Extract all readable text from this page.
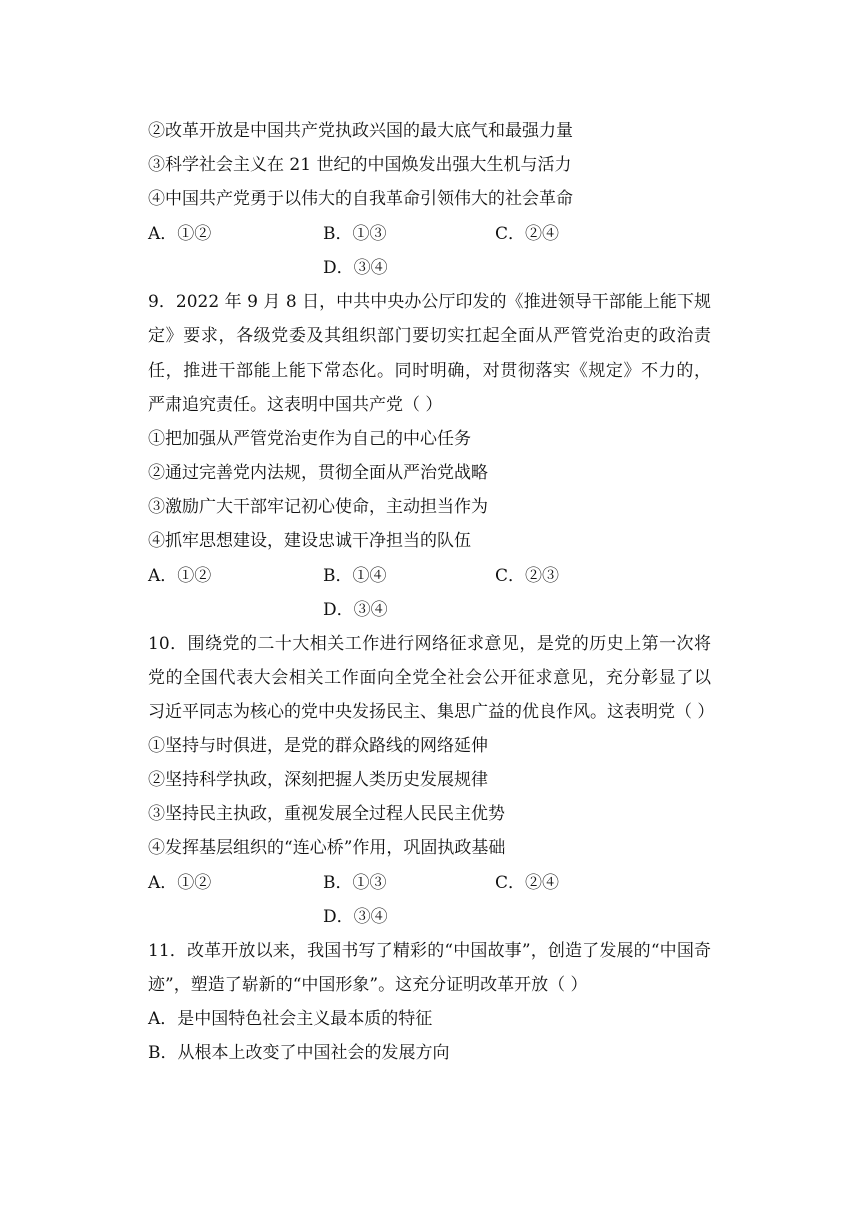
②改革开放是中国共产党执政兴国的最大底气和最强力量
③科学社会主义在 21 世纪的中国焕发出强大生机与活力
④中国共产党勇于以伟大的自我革命引领伟大的社会革命
A．①②	B．①③	C．②④
D．③④
9．2022 年 9 月 8 日，中共中央办公厅印发的《推进领导干部能上能下规
定》要求，各级党委及其组织部门要切实扛起全面从严管党治吏的政治责
任，推进干部能上能下常态化。同时明确，对贯彻落实《规定》不力的，
严肃追究责任。这表明中国共产党（ ）
①把加强从严管党治吏作为自己的中心任务
②通过完善党内法规，贯彻全面从严治党战略
③激励广大干部牢记初心使命，主动担当作为
④抓牢思想建设，建设忠诚干净担当的队伍
A．①②	B．①④	C．②③
D．③④
10．围绕党的二十大相关工作进行网络征求意见，是党的历史上第一次将
党的全国代表大会相关工作面向全党全社会公开征求意见，充分彰显了以
习近平同志为核心的党中央发扬民主、集思广益的优良作风。这表明党（ ）
①坚持与时俱进，是党的群众路线的网络延伸
②坚持科学执政，深刻把握人类历史发展规律
③坚持民主执政，重视发展全过程人民民主优势
④发挥基层组织的“连心桥”作用，巩固执政基础
A．①②	B．①③	C．②④
D．③④
11．改革开放以来，我国书写了精彩的“中国故事”，创造了发展的“中国奇
迹”，塑造了崭新的“中国形象”。这充分证明改革开放（ ）
A．是中国特色社会主义最本质的特征
B．从根本上改变了中国社会的发展方向
